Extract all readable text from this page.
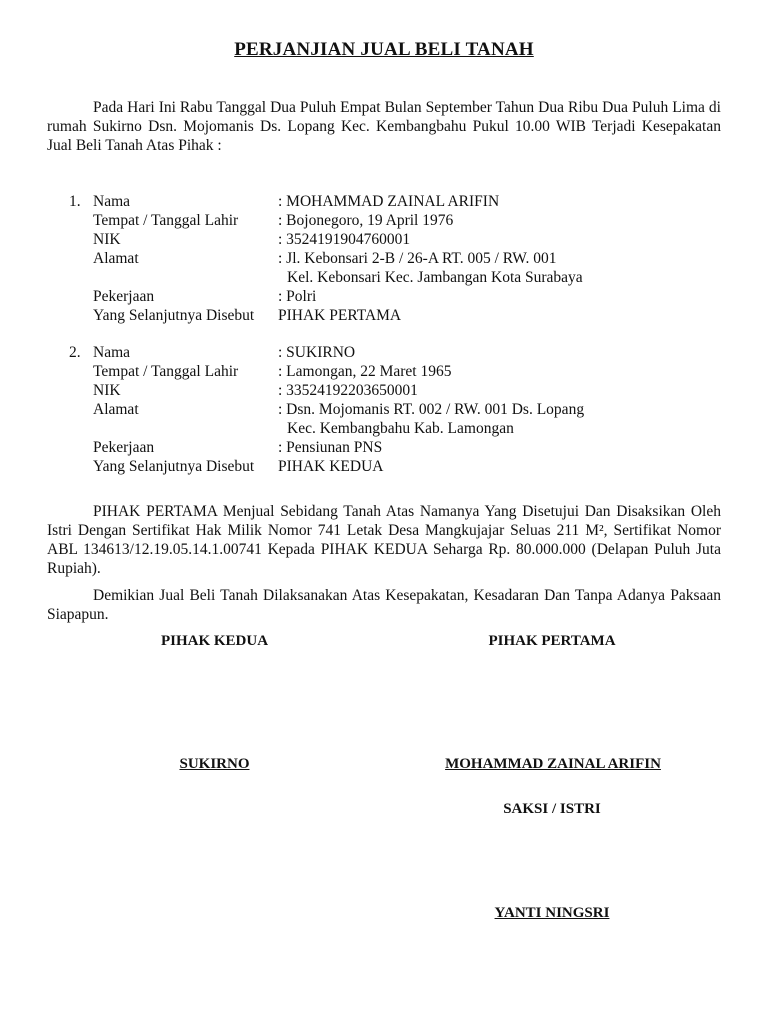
PERJANJIAN JUAL BELI TANAH

Pada Hari Ini Rabu Tanggal Dua Puluh Empat Bulan September Tahun Dua Ribu Dua Puluh Lima di rumah Sukirno Dsn. Mojomanis Ds. Lopang Kec. Kembangbahu Pukul 10.00 WIB Terjadi Kesepakatan Jual Beli Tanah Atas Pihak :

1. Nama	: MOHAMMAD ZAINAL ARIFIN
Tempat / Tanggal Lahir	: Bojonegoro, 19 April 1976
NIK	: 3524191904760001
Alamat	: Jl. Kebonsari 2-B / 26-A RT. 005 / RW. 001
Kel. Kebonsari Kec. Jambangan Kota Surabaya
Pekerjaan	: Polri
Yang Selanjutnya Disebut PIHAK PERTAMA
2. Nama	: SUKIRNO
Tempat / Tanggal Lahir	: Lamongan, 22 Maret 1965
NIK	: 33524192203650001
Alamat	: Dsn. Mojomanis RT. 002 / RW. 001 Ds. Lopang
Kec. Kembangbahu Kab. Lamongan
Pekerjaan	: Pensiunan PNS
Yang Selanjutnya Disebut PIHAK KEDUA

PIHAK PERTAMA Menjual Sebidang Tanah Atas Namanya Yang Disetujui Dan Disaksikan Oleh Istri Dengan Sertifikat Hak Milik Nomor 741 Letak Desa Mangkujajar Seluas 211 M², Sertifikat Nomor ABL 134613/12.19.05.14.1.00741 Kepada PIHAK KEDUA Seharga Rp. 80.000.000 (Delapan Puluh Juta Rupiah).

Demikian Jual Beli Tanah Dilaksanakan Atas Kesepakatan, Kesadaran Dan Tanpa Adanya Paksaan Siapapun.

PIHAK KEDUA	PIHAK PERTAMA
SUKIRNO	MOHAMMAD ZAINAL ARIFIN
SAKSI / ISTRI
YANTI NINGSRI
